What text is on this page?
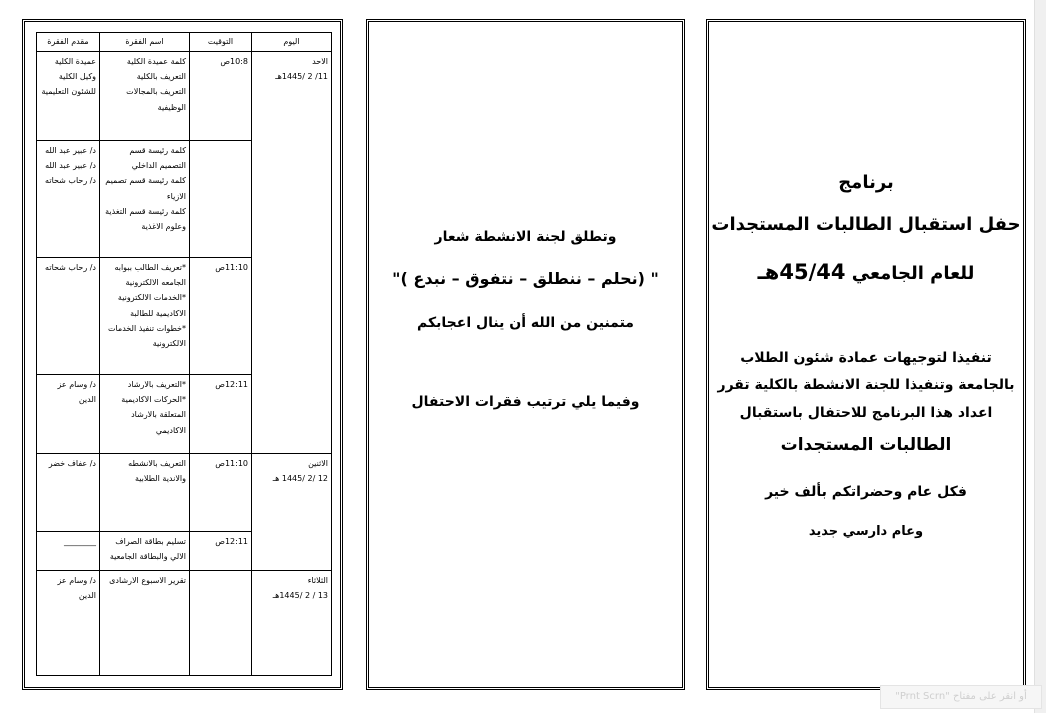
اليوم	التوقيت	اسم الفقرة	مقدم الفقرة

الاحد
11/ 2 /1445هـ	10:8ص	كلمة عميدة الكلية
التعريف بالكلية
التعريف بالمجالات الوظيفية	عميدة الكلية
وكيل الكلية للشئون التعليمية

		كلمة رئيسة قسم التصميم الداخلي
كلمة رئيسة قسم تصميم الازياء
كلمة رئيسة قسم التغذية وعلوم الاغذية	د/ عبير عبد الله
د/ عبير عبد الله
د/ رحاب شحاته

	11:10ص	*تعريف الطالب ببوابه الجامعه الالكترونية
*الخدمات الالكترونية الاكاديمية للطالبة
*خطوات تنفيذ الخدمات الالكترونية	د/ رحاب شحاته

	12:11ص	*التعريف بالارشاد
*الحركات الاكاديمية المتعلقة بالارشاد الاكاديمي	د/ وسام عز الدين

الاثنين
12 /2 /1445 هـ	11:10ص	التعريف بالانشطه والاندية الطلابية	د/ عفاف خضر

	12:11ص	تسليم بطاقة الصراف الالي والبطاقة الجامعية	________

الثلاثاء
13 / 2 /1445هـ		تقرير الاسبوع الارشادى	د/ وسام عز الدين
وتطلق لجنة الانشطة شعار
" (نحلم – ننطلق – نتفوق – نبدع )"
متمنين من الله أن ينال اعجابكم
وفيما يلي ترتيب فقرات الاحتفال
برنامج
حفل استقبال الطالبات المستجدات
للعام الجامعي 45/44هـ
تنفيذا لتوجيهات عمادة شئون الطلاب
بالجامعة وتنفيذا للجنة الانشطة بالكلية تقرر
اعداد هذا البرنامج للاحتفال باستقبال
الطالبات المستجدات
فكل عام وحضراتكم بألف خير
وعام دارسي جديد
أو انقر على مفتاح "Prnt Scrn"
